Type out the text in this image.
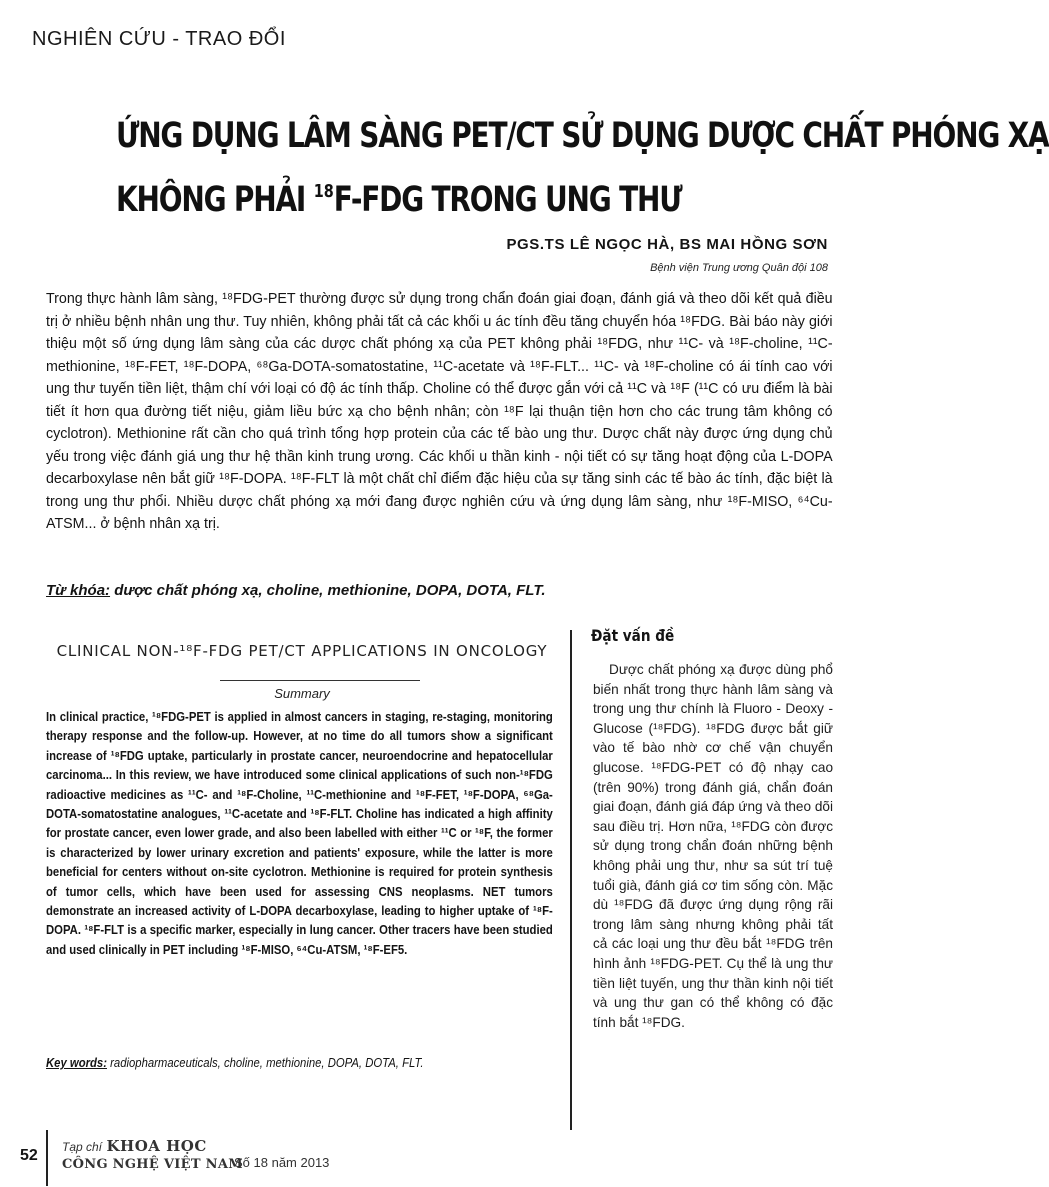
NGHIÊN CỨU - TRAO ĐỔI
ỨNG DỤNG LÂM SÀNG PET/CT SỬ DỤNG DƯỢC CHẤT PHÓNG XẠ
KHÔNG PHẢI $^{18}$F-FDG TRONG UNG THƯ
PGS.TS LÊ NGỌC HÀ, BS MAI HỒNG SƠN
Bệnh viện Trung ương Quân đội 108
Trong thực hành lâm sàng, ¹⁸FDG-PET thường được sử dụng trong chẩn đoán giai đoạn, đánh giá và theo dõi kết quả điều trị ở nhiều bệnh nhân ung thư. Tuy nhiên, không phải tất cả các khối u ác tính đều tăng chuyển hóa ¹⁸FDG. Bài báo này giới thiệu một số ứng dụng lâm sàng của các dược chất phóng xạ của PET không phải ¹⁸FDG, như ¹¹C- và ¹⁸F-choline, ¹¹C-methionine, ¹⁸F-FET, ¹⁸F-DOPA, ⁶⁸Ga-DOTA-somatostatine, ¹¹C-acetate và ¹⁸F-FLT... ¹¹C- và ¹⁸F-choline có ái tính cao với ung thư tuyến tiền liệt, thậm chí với loại có độ ác tính thấp. Choline có thể được gắn với cả ¹¹C và ¹⁸F (¹¹C có ưu điểm là bài tiết ít hơn qua đường tiết niệu, giảm liều bức xạ cho bệnh nhân; còn ¹⁸F lại thuận tiện hơn cho các trung tâm không có cyclotron). Methionine rất cần cho quá trình tổng hợp protein của các tế bào ung thư. Dược chất này được ứng dụng chủ yếu trong việc đánh giá ung thư hệ thần kinh trung ương. Các khối u thần kinh - nội tiết có sự tăng hoạt động của L-DOPA decarboxylase nên bắt giữ ¹⁸F-DOPA. ¹⁸F-FLT là một chất chỉ điểm đặc hiệu của sự tăng sinh các tế bào ác tính, đặc biệt là trong ung thư phổi. Nhiều dược chất phóng xạ mới đang được nghiên cứu và ứng dụng lâm sàng, như ¹⁸F-MISO, ⁶⁴Cu-ATSM... ở bệnh nhân xạ trị.
Từ khóa: dược chất phóng xạ, choline, methionine, DOPA, DOTA, FLT.
CLINICAL NON-¹⁸F-FDG PET/CT APPLICATIONS IN ONCOLOGY
Summary
In clinical practice, ¹⁸FDG-PET is applied in almost cancers in staging, re-staging, monitoring therapy response and the follow-up. However, at no time do all tumors show a significant increase of ¹⁸FDG uptake, particularly in prostate cancer, neuroendocrine and hepatocellular carcinoma... In this review, we have introduced some clinical applications of such non-¹⁸FDG radioactive medicines as ¹¹C- and ¹⁸F-Choline, ¹¹C-methionine and ¹⁸F-FET, ¹⁸F-DOPA, ⁶⁸Ga-DOTA-somatostatine analogues, ¹¹C-acetate and ¹⁸F-FLT. Choline has indicated a high affinity for prostate cancer, even lower grade, and also been labelled with either ¹¹C or ¹⁸F, the former is characterized by lower urinary excretion and patients' exposure, while the latter is more beneficial for centers without on-site cyclotron. Methionine is required for protein synthesis of tumor cells, which have been used for assessing CNS neoplasms. NET tumors demonstrate an increased activity of L-DOPA decarboxylase, leading to higher uptake of ¹⁸F-DOPA. ¹⁸F-FLT is a specific marker, especially in lung cancer. Other tracers have been studied and used clinically in PET including ¹⁸F-MISO, ⁶⁴Cu-ATSM, ¹⁸F-EF5.
Key words: radiopharmaceuticals, choline, methionine, DOPA, DOTA, FLT.
Đặt vấn đề

Dược chất phóng xạ được dùng phổ biến nhất trong thực hành lâm sàng và trong ung thư chính là Fluoro - Deoxy - Glucose (¹⁸FDG). ¹⁸FDG được bắt giữ vào tế bào nhờ cơ chế vận chuyển glucose. ¹⁸FDG-PET có độ nhạy cao (trên 90%) trong đánh giá, chẩn đoán giai đoạn, đánh giá đáp ứng và theo dõi sau điều trị. Hơn nữa, ¹⁸FDG còn được sử dụng trong chẩn đoán những bệnh không phải ung thư, như sa sút trí tuệ tuổi già, đánh giá cơ tim sống còn. Mặc dù ¹⁸FDG đã được ứng dụng rộng rãi trong lâm sàng nhưng không phải tất cả các loại ung thư đều bắt ¹⁸FDG trên hình ảnh ¹⁸FDG-PET. Cụ thể là ung thư tiền liệt tuyến, ung thư thần kinh nội tiết và ung thư gan có thể không có đặc tính bắt ¹⁸FDG.

52 Tạp chí KHOA HỌC
CÔNG NGHỆ VIỆT NAM
Số 18 năm 2013
